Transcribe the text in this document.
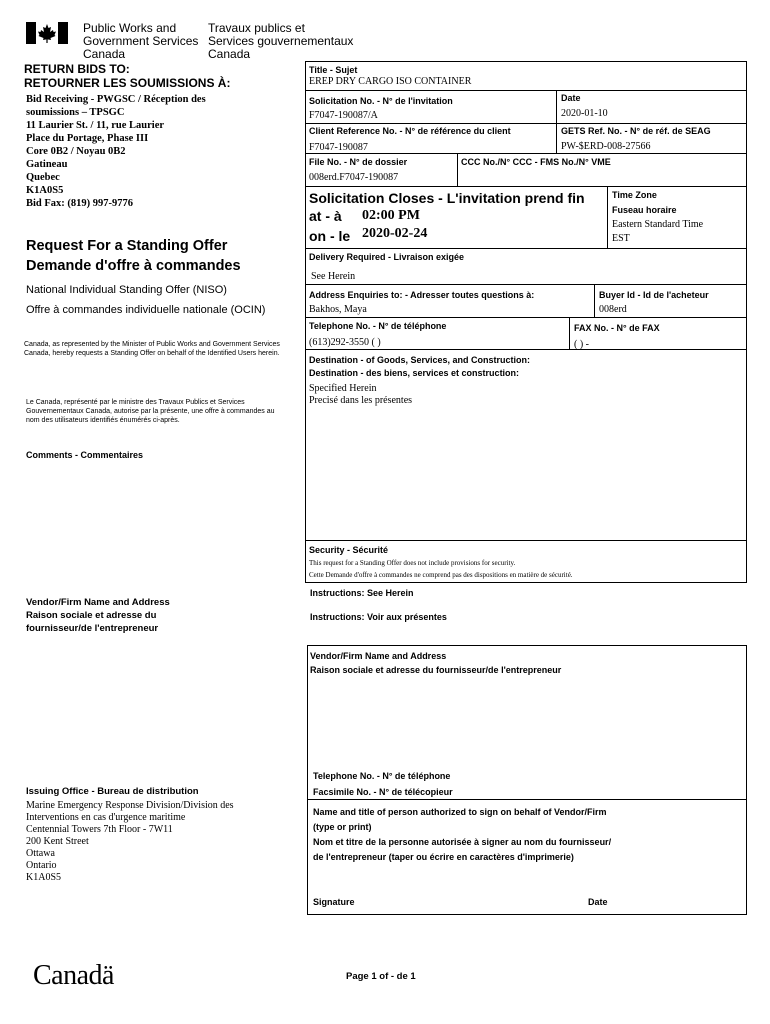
Public Works and
Government Services
Canada
Travaux publics et
Services gouvernementaux
Canada
RETURN BIDS TO:
RETOURNER LES SOUMISSIONS À:
Bid Receiving - PWGSC / Réception des
soumissions – TPSGC
11 Laurier St. / 11, rue Laurier
Place du Portage, Phase III
Core 0B2 / Noyau 0B2
Gatineau
Quebec
K1A0S5
Bid Fax: (819) 997-9776
Request For a Standing Offer
Demande d'offre à commandes
National Individual Standing Offer (NISO)
Offre à commandes individuelle nationale (OCIN)
Canada, as represented by the Minister of Public Works and Government Services Canada, hereby requests a Standing Offer on behalf of the Identified Users herein.
Le Canada, représenté par le ministre des Travaux Publics et Services Gouvernementaux Canada, autorise par la présente, une offre à commandes au nom des utilisateurs identifiés énumérés ci-après.
Comments - Commentaires
Vendor/Firm Name and Address
Raison sociale et adresse du
fournisseur/de l'entrepreneur
Issuing Office - Bureau de distribution
Marine Emergency Response Division/Division des
Interventions en cas d'urgence maritime
Centennial Towers 7th Floor - 7W11
200 Kent Street
Ottawa
Ontario
K1A0S5
Title - Sujet
EREP DRY CARGO ISO CONTAINER
Solicitation No. - N° de l'invitation
F7047-190087/A
Date
2020-01-10
Client Reference No. - N° de référence du client
F7047-190087
GETS Ref. No. - N° de réf. de SEAG
PW-$ERD-008-27566
File No. - N° de dossier
008erd.F7047-190087
CCC No./N° CCC - FMS No./N° VME
Solicitation Closes - L'invitation prend fin
at - à 02:00 PM
on - le 2020-02-24
Time Zone
Fuseau horaire
Eastern Standard Time
EST
Delivery Required - Livraison exigée
See Herein
Address Enquiries to: - Adresser toutes questions à:
Bakhos, Maya
Buyer Id - Id de l'acheteur
008erd
Telephone No. - N° de téléphone
(613)292-3550 ( )
FAX No. - N° de FAX
( ) -
Destination - of Goods, Services, and Construction:
Destination - des biens, services et construction:
Specified Herein
Precisé dans les présentes
Security - Sécurité
This request for a Standing Offer does not include provisions for security.
Cette Demande d'offre à commandes ne comprend pas des dispositions en matière de sécurité.
Instructions: See Herein
Instructions: Voir aux présentes
Vendor/Firm Name and Address
Raison sociale et adresse du fournisseur/de l'entrepreneur
Telephone No. - N° de téléphone
Facsimile No. - N° de télécopieur
Name and title of person authorized to sign on behalf of Vendor/Firm
(type or print)
Nom et titre de la personne autorisée à signer au nom du fournisseur/
de l'entrepreneur (taper ou écrire en caractères d'imprimerie)
Signature	Date
Canadä	Page 1 of - de 1
